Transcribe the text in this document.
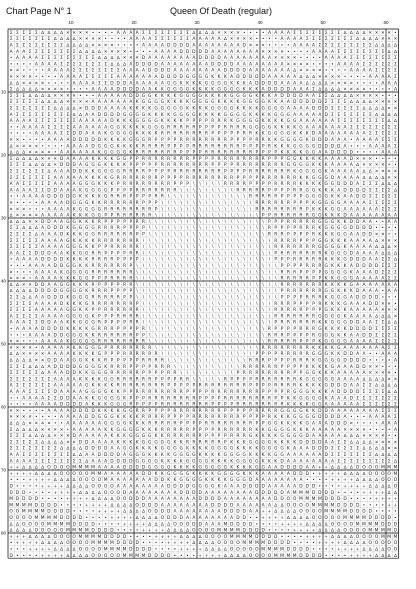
Chart Page N° 1	Queen Of Death (regular)
Σ Σ Σ Σ Σ ∆ ∆ ∆ ∆ ✕ ✕ ✕ ✕ • • • • A A A A Σ Σ Σ Σ Σ Σ Σ Σ ∆ ∆ ∆ ∆ ✕ ✕ ✕ ✕ • • • • A A A A Σ Σ Σ Σ Σ Σ Σ Σ ∆ ∆ ∆ ∆ ✕ ✕ ✕ ✕ •
Σ Σ Σ Σ Σ Σ Σ ∆ ∆ ∆ ∆ ✕ ✕ ✕ ✕ • • • • A A A A Σ Σ Σ Σ Σ Σ A A A A A ∆ ✕ ✕ ✕ ✕ • • • • A A A A Σ Σ Σ Σ Σ Σ Σ Σ ∆ ∆ ∆ ∆ ✕ ✕ ✕
A Σ Σ Σ Σ Σ Σ Σ Σ ∆ ∆ ∆ ∆ ✕ ✕ ✕ ✕ • • • • A A A A D D D D A A A A A A A A D ✕ ✕ ✕ • • • • A A A A Σ Σ Σ Σ Σ Σ Σ Σ Σ ∆ ∆ ∆ ∆
A A A Σ Σ Σ Σ Σ Σ Σ Σ ∆ ∆ ∆ ∆ ✕ ✕ ✕ ✕ • • • • A A A A D D D D D A A A A A A A A ✕ ✕ ✕ ✕ • • • • A A A A Σ Σ Σ Σ Σ Σ Σ Σ ∆ ∆
• A A A A Σ Σ Σ Σ Σ Σ Σ Σ Σ ∆ ∆ ∆ ∆ ✕ ✕ ✕ D A A A A A A A A D D D D A A A A A A A A ✕ ✕ ✕ ✕ • • • • A A A A Σ Σ Σ Σ Σ Σ Σ Σ
• • • • A A A A Σ Σ Σ Σ Σ Σ Σ Σ ∆ ∆ ∆ A D D D D A A A A A A A A D D D D A A A A A A A A ✕ ✕ ✕ ✕ • • • • A A A A Σ Σ Σ Σ Σ Σ
✕ ✕ • • • • A A A A Σ Σ Σ Σ Σ Σ Σ Σ A A A A D D D D A A A A A A A A D D D D A A A A A A A ∆ ✕ ✕ ✕ ✕ • • • • A A A A Σ Σ Σ Σ
✕ ✕ ✕ ✕ • • • • A A A A Σ Σ Σ Σ Σ A A A A A A A D D D D G G G G K K K A D D D D D A A A A A ∆ ∆ ∆ ✕ ✕ ✕ ✕ • • • • A A A A Σ
∆ ∆ ✕ ✕ ✕ ✕ • • • • A A A A Σ Σ D D D A A A A A A G G K K K K G G G G K K K A D D D D A A A A ∆ ∆ ∆ ∆ ✕ ✕ ✕ ✕ • • • • A A A
Σ ∆ ∆ ∆ ∆ ✕ ✕ ✕ ✕ • • • • A A A A D D D D A A K K G G G G K K K K G G G G K K K A D D D D A A A Σ ∆ ∆ ∆ ∆ ✕ ✕ ✕ ✕ • • • • A
Σ Σ Σ ∆ ∆ ∆ ∆ ✕ ✕ ✕ ✕ • • • A A A A A D D G G K K K K G G G G K K K K G G G G K K K A D D D D A A Σ Σ ∆ ∆ ∆ ∆ ✕ ✕ ✕ ✕ • • •
Σ Σ Σ Σ Σ ∆ ∆ ∆ ∆ ✕ ✕ ✕ ✕ A A A A A A A K G G G G K K K K G G G G K K K K G G G G K K A A D D D D D Σ Σ Σ Σ ∆ ∆ ∆ ∆ ✕ ✕ ✕ ✕
Σ Σ Σ Σ Σ Σ Σ ∆ ∆ ∆ ∆ ✕ D D D A A A A K K K K G G G G G K K K K G G G G K K K K G G G G A A A A D D D Σ Σ Σ Σ Σ ∆ ∆ ∆ ∆ ✕ ✕
A Σ Σ Σ Σ Σ Σ Σ Σ Σ ∆ ∆ A A D D D D G G G G K K K K G G G G K K K K G G G G K K K K G G G A A A A A D Σ Σ Σ Σ Σ Σ Σ ∆ ∆ ∆ ∆
A A A A Σ Σ Σ Σ Σ Σ Σ A A A A A D K K K G G G G K K K K P P P P R R R K G G G G K K K K G G A A A A A A Σ Σ Σ Σ Σ Σ Σ Σ ∆ ∆
• • A A A A Σ Σ Σ Σ A A A A A A G G K K K K G G G R R R R R P P P P R R R R G G G G K K K K G A A A A A A A Σ Σ Σ Σ Σ Σ Σ Σ
• • • • A A A A Σ Σ D D A A A K G G G G K K K K R R R R R R R R P P P P P R R K K G G G G K K K D A A A A A A A A Σ Σ Σ Σ Σ
✕ ✕ • • • • A A A A D D D D D K K K K G G G R P P P P R R R R R R R R P P P P R R K K G G G G K D D D A A A • A A A A Σ Σ Σ
∆ ✕ ✕ ✕ ✕ • • • • A A A A D G G G K K K K R R R R P P P P R R R R R R R R P P P P R K K K G G G G D D D D A • • • A A A A Σ
∆ ∆ ∆ ✕ ✕ ✕ ✕ • A A A A A A K G G G G K R R R R R R R P P P P R R R R R R R R P P P P K K K K G G A A D D D D • • • • A A A
Σ ∆ ∆ ∆ ∆ ✕ ✕ ✕ D A A A A K K K K G G P P R R R R R R R R P P P P R R R R R R R R P P P G G K K K K A A A A D ✕ ✕ ✕ • • • •
Σ Σ Σ ∆ ∆ ∆ ∆ ✕ D D D A G G G K K K K P P P P P R R R R R R R R P P P P R R R R R R R R G G G G K K K A A A A ∆ ✕ ✕ ✕ ✕ • •
Σ Σ Σ Σ Σ Σ ∆ A A A D D K K G G G G R R R R P P P P R R R R R R R R P P P P R R R R R R R K G G G G K A A A A A ∆ ∆ ✕ ✕ ✕ ✕
Σ Σ Σ Σ Σ Σ Σ A A A A A K K K K G R R R R R R R P P P P R R R R R R R R P P P P R R R R R R K K G G G D A A A A ∆ ∆ ∆ ∆ ✕ ✕
A A Σ Σ Σ Σ Σ A A A A G G G K K K P R R R R R R R R P P P \ \ \ \ \ R R R R P P P P R R R R K K K K G G D D D A Σ Σ Σ ∆ ∆ ∆
A A A A Σ Σ D D A A A K G G G G P P P P R R R R R R R \ \ \ \ \ \ \ \ \ R R R R R P P P P R R G G K K K A D D D D Σ Σ Σ Σ ∆
• • A A A A D D D D G K K K K G R R R P P P P R R \ \ \ \ \ \ \ \ \ \ \ \ \ R R R R R P P P P G G G G K K A A D D Σ Σ Σ Σ Σ
✕ • • • • A A A A D G G G K K R R R R R R P P P \ \ \ \ \ \ \ \ \ \ \ \ \ \ \ R R R R R R P P P K G G G G A A A A Σ Σ Σ Σ Σ
✕ ✕ ✕ • • • A A A A K G G G G R R R R R R R R P \ \ \ \ \ \ \ \ \ \ \ \ \ \ \ R R R R R R R R P K K K G G A A A A A A Σ Σ Σ
∆ ✕ ✕ ✕ ✕ A A A A A K K K G G P P R R R R R R \ \ \ \ \ \ \ \ \ \ \ \ \ \ \ \ \ P P R R R R R R G G K K K D A A A A A A A A
∆ ∆ ∆ ✕ ✕ D D A A G G K K K R P P P P P R R \ \ \ \ \ \ \ \ \ \ \ \ \ \ \ \ \ \ \ P P P R R R R R G G G K K D D A A • • A A
Σ Σ ∆ ∆ ∆ A D D D K G G G G R R R R P P P P \ \ \ \ \ \ \ \ \ \ \ \ \ \ \ \ \ \ \ R P P P P R R R K G G G G D D D D • • • •
Σ Σ Σ Σ ∆ A A A D K K K G G R R R R R R P P \ \ \ \ \ \ \ \ \ \ \ \ \ \ \ \ \ \ \ R R R P P P P R K K K G G A A D D ✕ ✕ • •
Σ Σ Σ Σ Σ A A A A G K K K K R R R R R R R \ \ \ \ \ \ \ \ \ \ \ \ \ \ \ \ \ \ \ \ \ R R R R P P P G G K K K A A A A ∆ ✕ ✕ ✕
Σ Σ Σ Σ Σ A A A A G G G K K P P R R R R R \ \ \ \ \ \ \ \ \ \ \ \ \ \ \ \ \ \ \ \ \ R R R R R R R G G G G K A A A A ∆ ∆ ∆ ✕
A A Σ Σ D D D A A K K G G R R P P P P R R \ \ \ \ \ \ \ \ \ \ \ \ \ \ \ \ \ \ \ \ \ P R R R R R R R K G G G D A A A A ∆ ∆ ∆
• A A A A D D D D K K K K R R R R P P P P \ \ \ \ \ \ \ \ \ \ \ \ \ \ \ \ \ \ \ \ \ P P P R R R R R K K K G D D D A A Σ Σ ∆
• • • A A A A D D G G K K R R R R R R P \ \ \ \ \ \ \ \ \ \ \ \ \ \ \ \ \ \ \ \ \ \ \ P P P P R R R G K K K A D D D D Σ Σ Σ
✕ • • • A A A A K G G G G R R R R R R R \ \ \ \ \ \ \ \ \ \ \ \ \ \ \ \ \ \ \ \ \ \ \ R R R P P P P G G G G K A A A D Σ Σ Σ
✕ ✕ ✕ • A A A A K K K G G P P P R R R R \ \ \ \ \ \ \ \ \ \ \ \ \ \ \ \ \ \ \ \ \ \ \ R R R R R P P K K G G G A A A A A Σ Σ
∆ ∆ ✕ ✕ D D A A G G K K K R P P P P R R \ \ \ \ \ \ \ \ \ \ \ \ \ \ \ \ \ \ \ \ \ \ \ R R R R R R R K K K K G A A A A A A A
∆ ∆ ∆ ∆ D D D D G G G G K R R R P P P P \ \ \ \ \ \ \ \ \ \ \ \ \ \ \ \ \ \ \ \ \ \ \ P R R R R R R G G K K K D A A A • A A
Σ Σ ∆ ∆ A A D D D K G G G R R R R R P P \ \ \ \ \ \ \ \ \ \ \ \ \ \ \ \ \ \ \ \ \ \ \ P P P P R R R K G G G A D D D D • • •
Σ Σ Σ Σ A A A A D K K K G R R R R R R R P \ \ \ \ \ \ \ \ \ \ \ \ \ \ \ \ \ \ \ \ \ R R R P P P P R K K K G A A A D D ✕ ✕ •
Σ Σ Σ Σ A A A A A G G K K P P R R R R R R \ \ \ \ \ \ \ \ \ \ \ \ \ \ \ \ \ \ \ \ \ R R R R R P P P G K K K A A A A A ✕ ✕ ✕
A Σ Σ Σ Σ A A A A G G G G K P P P R R R R \ \ \ \ \ \ \ \ \ \ \ \ \ \ \ \ \ \ \ \ \ R R R R R R R G G G G K A A A A ∆ ∆ ∆ ✕
A A A Σ Σ D D A A K K G G G R P P P P R R \ \ \ \ \ \ \ \ \ \ \ \ \ \ \ \ \ \ \ \ \ P R R R R R R K K G G G D D A A Σ Σ ∆ ∆
• A A A A D D D D K K K K G R R R P P P P R \ \ \ \ \ \ \ \ \ \ \ \ \ \ \ \ \ \ \ R P P P P R R R G K K K K D D D D Σ Σ Σ Σ
• • • A A A A D D G G G K K R R R R R R P P \ \ \ \ \ \ \ \ \ \ \ \ \ \ \ \ \ \ \ R R R P P P P R G G G K K A A D D Σ Σ Σ Σ
✕ ✕ • • • A A A A K G G G G R R R R R R R R \ \ \ \ \ \ \ \ \ \ \ \ \ \ \ \ \ \ \ R R R R R P P P K G G G G A A A A Σ Σ Σ Σ
✕ ✕ ✕ ✕ • A A A A A K K G G G P R R R R R R R \ \ \ \ \ \ \ \ \ \ \ \ \ \ \ \ \ R R R R R R R R K K K K G A A A A A A A Σ Σ
∆ ∆ ✕ ✕ ✕ ✕ A A A A K K K K G P P P R R R R R R \ \ \ \ \ \ \ \ \ \ \ \ \ \ \ P P P P R R R R R G G G K K D D A A • • A A A
∆ ∆ ∆ ∆ ✕ ✕ D D A A G G K K K R P P P P P R R R R \ \ \ \ \ \ \ \ \ \ \ \ \ R R R P P P P R R R K G G G G D D D D • • • • A
Σ Σ Σ ∆ ∆ ∆ A D D D D G G G G K R R R P P P P R R R \ \ \ \ \ \ \ \ \ \ \ R R R R R R P P P P K K K K G A A A D D ✕ ✕ • • •
Σ Σ Σ Σ Σ ∆ A A A D D K K G G G R R R R R P P P P R R \ \ \ \ \ \ \ \ \ P R R R R R R R R P P G G K K K A A A A A ✕ ✕ ✕ ✕ •
Σ Σ Σ Σ Σ Σ Σ A A A A K K K K G G R R R R R R P P P P R R \ \ \ \ \ R P P P P R R R R R R R K G G G G G A A A A ∆ ∆ ∆ ∆ ✕ ✕
A Σ Σ Σ Σ Σ Σ A A A A A G K K K K R R R R R R R R P P P P P R R R R R R R R P P P P R R R R K K K K G D D D A A Σ Σ ∆ ∆ ∆ ∆
A A A Σ Σ Σ Σ D A A A A G G G G K K P P R R R R R R R R P P P P R R R R R R R R P P P P R G G G K K K A D D D D Σ Σ Σ Σ ∆ ∆
• • A A A A Σ Σ D D A A K K G G G G K P P P R R R R R R R R P P P P R R R R R R R R P P K K G G G G K A A A D Σ Σ Σ Σ Σ Σ Σ
• • • • A A A A D D D D A K K K G G G R P P P P R R R R R R R R P P P P R R R R R R R R K K K K G G A A A A A A Σ Σ Σ Σ Σ Σ
✕ ✕ • • • • A A A A D D D D K K K K G G R R P P P P R R R R R R R R P P P P P R R R R G G G G K K D D A A A A A A A A Σ Σ Σ
✕ ✕ ✕ ✕ • • • • A A A A D D G G G K K K K R R R R P P P P R R R R R R R R P P P P R K K K G G G G D D D D A • • • A A A A Σ
∆ ∆ ∆ ✕ ✕ ✕ ✕ • • A A A A A A G G G G K K K R R R R R P P P P R R R R R R R R P P G G K K K K G A A A D D D ✕ • • • • A A A
Σ ∆ ∆ ∆ ∆ ✕ ✕ ✕ ✕ • A A A A A K K G G G G K K K R R R R R P P P P R R R R R R K K G G G G K K K A A A A A ✕ ✕ ✕ ✕ • • • • A
Σ Σ Σ ∆ ∆ ∆ ∆ ✕ ✕ ✕ D A A A A A K K K G G G G K K R R R R R R P P P P R R R G K K K K G G G G D A A A A A ∆ ∆ ∆ ✕ ✕ ✕ ✕ • •
Σ Σ Σ Σ Σ ∆ ∆ ∆ ∆ ✕ ✕ D D A A A A K K K K G G G G G K K R R R R R R P K K K G G G G K K K K D D D D A A Σ Σ ∆ ∆ ∆ ∆ ✕ ✕ ✕ ✕
Σ Σ Σ Σ Σ Σ Σ Σ ∆ ∆ ∆ ∆ D D D D A A G G K K K K G G G G K K K K G G G G K K K K G G G G K A A A D D D Σ Σ Σ Σ Σ ∆ ∆ ∆ ∆ ✕ ✕
A A Σ Σ Σ Σ Σ Σ Σ Σ ∆ ∆ A A D D D D A G G G K K K K G G G G K K K K G G G G K K K K G G A A A A A A D Σ Σ Σ Σ Σ Σ Σ ∆ ∆ ∆ ∆
A A A A Σ Σ Σ Σ Σ Σ Σ Σ ∆ A A A D D D D G G G G K K K K G G G G K K K K G G G G K K K D A A A A A A A A Σ Σ Σ Σ Σ Σ Σ Σ Σ ∆
+ + ∆ ∆ ∆ ∆ O O O O M M M M A A A A D D D D G G G G K K K K G G G G G K K K K G G A A D D D D A A + + ∆ ∆ ∆ ∆ O O O O M M M
+ + + + ∆ ∆ ∆ ∆ O O O O O M M A A A A A A D D K K G G G G K K K K G G G G K K K A A A A A D D D • + + + + ∆ ∆ ∆ ∆ O O O O M
• • • + + + + ∆ ∆ ∆ ∆ O O O O M A A A A A A A D D K K G G G G K K K K G G G D A A A A A A A A • • • • + + + + ∆ ∆ ∆ ∆ O O O
D • • • • + + + + ∆ ∆ ∆ ∆ O O O O A A A A A A A A D D D D G G G G K A A A D D D D A A A A A D D D • • • • + + + + ∆ ∆ ∆ ∆ O
D D D • • • • + + + + ∆ ∆ ∆ ∆ O O O D A A A A A A A A D D D D A A A A A A A A D D D D D A M M M D D D D • • • • + + + + ∆ ∆
M D D D D • • • • + + + + ∆ ∆ ∆ ∆ O O D D D A A A A A A A A D D D D A A A A A A A A D D O O M M M M D D D D • • • • + + + +
M M M M D D D D • • • • + + + + ∆ ∆ ∆ ∆ O D D D A A A A A A A A D D D D A A A A A A ∆ ∆ O O O O M M M M D D D D • • • • + +
O O M M M M D D D D • • • • + + + + ∆ ∆ ∆ ∆ O D D D A A A A A A A A D D D D A A + + ∆ ∆ ∆ ∆ O O O O M M M M D D D D • • • •
O O O O M M M M D D D D • • • • + + + + ∆ ∆ ∆ ∆ O D D D A A A A A A A A D D • • + + + + ∆ ∆ ∆ ∆ O O O O O M M M M D D D D •
∆ ∆ O O O O M M M M D D D D • • • • + + + + ∆ ∆ ∆ ∆ O O O D D A A A M D D D D • • • • + + + + ∆ ∆ ∆ ∆ O O O O M M M M D D D
∆ ∆ ∆ ∆ O O O O O M M M M D D D D • • • • + + + + ∆ ∆ ∆ ∆ O O O O M M M M D D D D • • • • + + + + ∆ ∆ ∆ ∆ O O O O M M M M D
+ + + ∆ ∆ ∆ ∆ O O O O M M M M D D D D • • • • + + + + ∆ ∆ ∆ ∆ O O O O M M M M D D D D • • • • + + + + ∆ ∆ ∆ ∆ O O O O M M M
• + + + + ∆ ∆ ∆ ∆ O O O O M M M M D D D D • • • • + + + + ∆ ∆ ∆ ∆ O O O O M M M M D D D D • • • • + + + + ∆ ∆ ∆ ∆ O O O O O
• • • + + + + ∆ ∆ ∆ ∆ O O O O M M M M D D D D • • • • + + + + ∆ ∆ ∆ ∆ O O O O O M M M M D D D D • • • • + + + + ∆ ∆ ∆ ∆ O O
D • • • • + + + + ∆ ∆ ∆ ∆ O O O O O M M M M D D D D • • • • + + + + ∆ ∆ ∆ ∆ O O O O M M M M D D D D • • • • + + + + ∆ ∆ ∆ ∆
10	20	30	40	50	60
10
20
30
40
50
60
70
80
